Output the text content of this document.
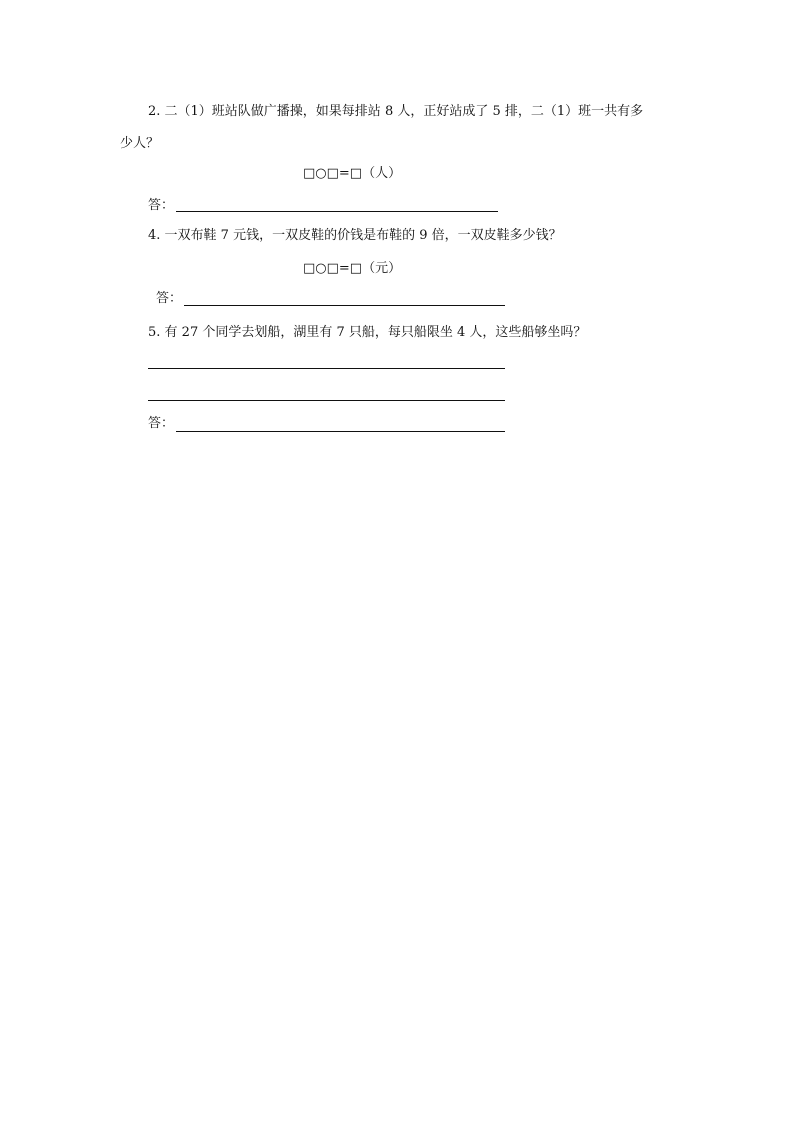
2. 二（1）班站队做广播操，如果每排站 8 人，正好站成了 5 排，二（1）班一共有多
少人？
□○□=□（人）
答：
4. 一双布鞋 7 元钱，一双皮鞋的价钱是布鞋的 9 倍，一双皮鞋多少钱？
□○□=□（元）
答：
5. 有 27 个同学去划船，湖里有 7 只船，每只船限坐 4 人，这些船够坐吗？
答：
